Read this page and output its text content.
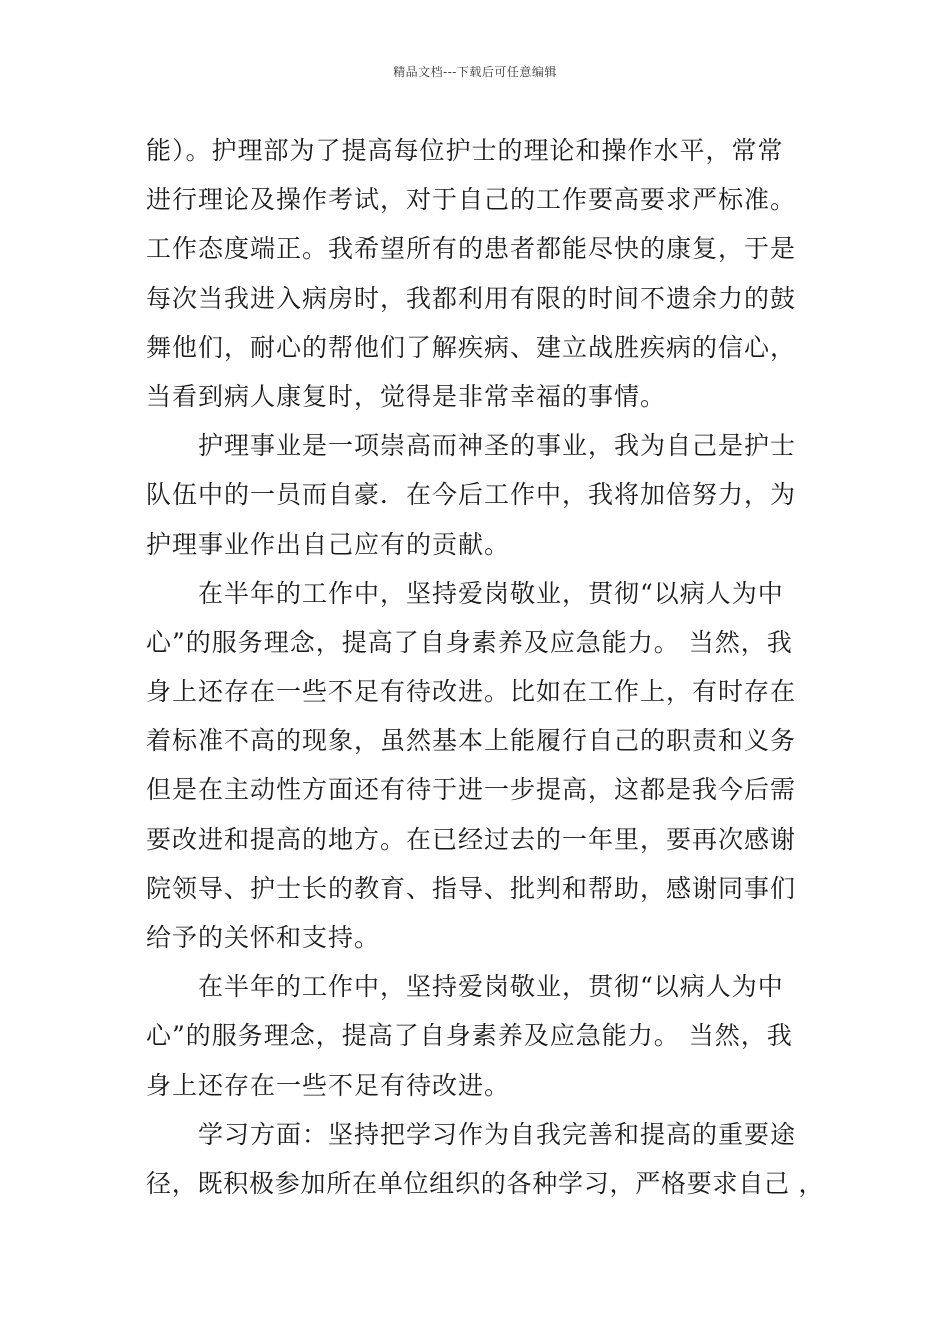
精品文档---下载后可任意编辑
能）。护理部为了提高每位护士的理论和操作水平，常常
进行理论及操作考试，对于自己的工作要高要求严标准。
工作态度端正。我希望所有的患者都能尽快的康复，于是
每次当我进入病房时，我都利用有限的时间不遗余力的鼓
舞他们，耐心的帮他们了解疾病、建立战胜疾病的信心，
当看到病人康复时，觉得是非常幸福的事情。
护理事业是一项崇高而神圣的事业，我为自己是护士
队伍中的一员而自豪．在今后工作中，我将加倍努力，为
护理事业作出自己应有的贡献。
在半年的工作中，坚持爱岗敬业，贯彻“以病人为中
心”的服务理念，提高了自身素养及应急能力。 当然，我
身上还存在一些不足有待改进。比如在工作上，有时存在
着标准不高的现象，虽然基本上能履行自己的职责和义务
但是在主动性方面还有待于进一步提高，这都是我今后需
要改进和提高的地方。在已经过去的一年里，要再次感谢
院领导、护士长的教育、指导、批判和帮助，感谢同事们
给予的关怀和支持。
在半年的工作中，坚持爱岗敬业，贯彻“以病人为中
心”的服务理念，提高了自身素养及应急能力。 当然，我
身上还存在一些不足有待改进。
学习方面：坚持把学习作为自我完善和提高的重要途
径，既积极参加所在单位组织的各种学习，严格要求自己 ，
